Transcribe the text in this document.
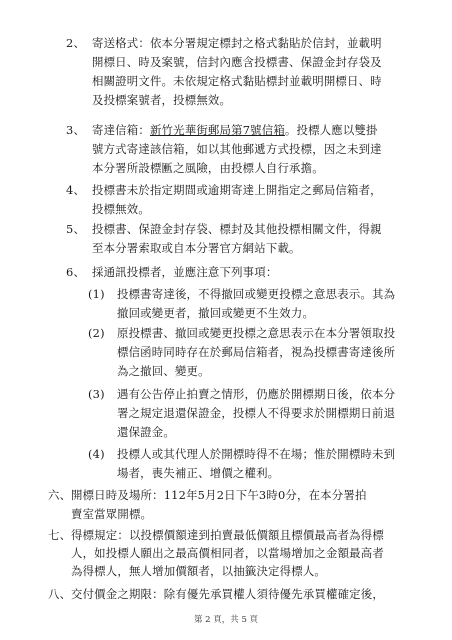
2、 寄送格式：依本分署規定標封之格式黏貼於信封，並載明

開標日、時及案號，信封內應含投標書、保證金封存袋及

相關證明文件。未依規定格式黏貼標封並載明開標日、時

及投標案號者，投標無效。

3、 寄達信箱：新竹光華街郵局第7號信箱。投標人應以雙掛

號方式寄達該信箱，如以其他郵遞方式投標，因之未到達

本分署所設標匭之風險，由投標人自行承擔。

4、 投標書未於指定期間或逾期寄達上開指定之郵局信箱者，

投標無效。

5、 投標書、保證金封存袋、標封及其他投標相關文件，得親

至本分署索取或自本分署官方網站下載。

6、 採通訊投標者，並應注意下列事項：

(1) 投標書寄達後，不得撤回或變更投標之意思表示。其為

撤回或變更者，撤回或變更不生效力。

(2) 原投標書、撤回或變更投標之意思表示在本分署領取投

標信函時同時存在於郵局信箱者，視為投標書寄達後所

為之撤回、變更。

(3) 遇有公告停止拍賣之情形，仍應於開標期日後，依本分

署之規定退還保證金，投標人不得要求於開標期日前退

還保證金。

(4) 投標人或其代理人於開標時得不在場；惟於開標時未到

場者，喪失補正、增價之權利。

六、 開標日時及場所：112年5月2日下午3時0分，在本分署拍

賣室當眾開標。

七、 得標規定：以投標價額達到拍賣最低價額且標價最高者為得標

人，如投標人願出之最高價相同者，以當場增加之金額最高者

為得標人，無人增加價額者，以抽籤決定得標人。

八、 交付價金之期限：除有優先承買權人須待優先承買權確定後，

第 2 頁，共 5 頁
